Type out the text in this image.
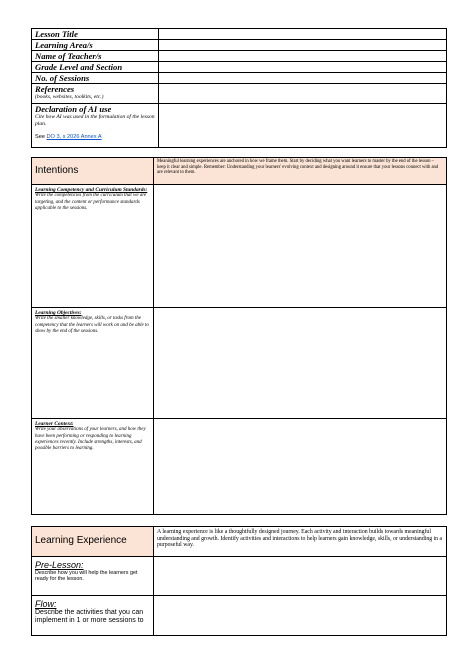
Lesson Title	
Learning Area/s	
Name of Teacher/s	
Grade Level and Section	
No. of Sessions	
References
(books, websites, toolkits, etc.)	

Declaration of AI use
Cite how AI was used in the formulation of the lesson plan.
See DO 3, s 2026 Annex A	

Intentions	Meaningful learning experiences are anchored in how we frame them. Start by deciding what you want learners to master by the end of the lesson – keep it clear and simple. Remember: Understanding your learners' evolving context and designing around it ensure that your lessons connect with and are relevant to them.

Learning Competency and Curriculum Standards:
Write the competencies from the curriculum that we are targeting, and the content or performance standards applicable to the sessions.	

Learning Objectives:
Write the smaller knowledge, skills, or tasks from the competency that the learners will work on and be able to show by the end of the sessions.	

Learner Context:
Write your observations of your learners, and how they have been performing or responding to learning experiences recently. Include strengths, interests, and possible barriers to learning.	

Learning Experience	A learning experience is like a thoughtfully designed journey. Each activity and interaction builds towards meaningful understanding and growth. Identify activities and interactions to help learners gain knowledge, skills, or understanding in a purposeful way.

Pre-Lesson:
Describe how you will help the learners get ready for the lesson.	

Flow:
Describe the activities that you can implement in 1 or more sessions to	
